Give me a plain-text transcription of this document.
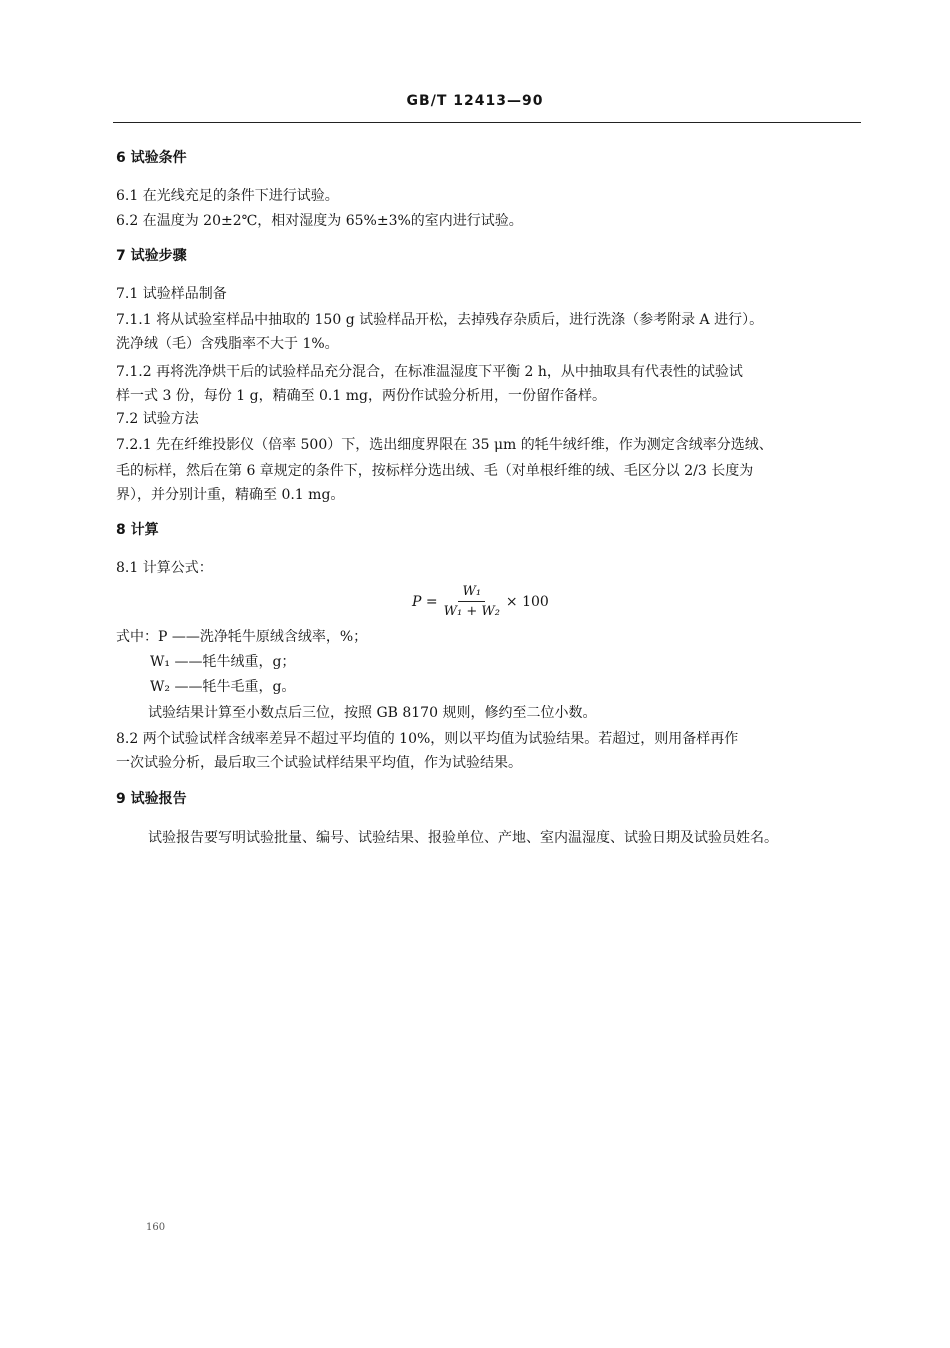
GB/T 12413—90
6 试验条件
6.1 在光线充足的条件下进行试验。
6.2 在温度为 20±2℃，相对湿度为 65%±3%的室内进行试验。
7 试验步骤
7.1 试验样品制备
7.1.1 将从试验室样品中抽取的 150 g 试验样品开松，去掉残存杂质后，进行洗涤（参考附录 A 进行）。
洗净绒（毛）含残脂率不大于 1%。
7.1.2 再将洗净烘干后的试验样品充分混合，在标准温湿度下平衡 2 h，从中抽取具有代表性的试验试
样一式 3 份，每份 1 g，精确至 0.1 mg，两份作试验分析用，一份留作备样。
7.2 试验方法
7.2.1 先在纤维投影仪（倍率 500）下，选出细度界限在 35 μm 的牦牛绒纤维，作为测定含绒率分选绒、
毛的标样，然后在第 6 章规定的条件下，按标样分选出绒、毛（对单根纤维的绒、毛区分以 2/3 长度为
界），并分别计重，精确至 0.1 mg。
8 计算
8.1 计算公式：
$P = \frac{\text{W₁}}{\text{W₁ + W₂}} \times 100$
式中：P ——洗净牦牛原绒含绒率，%；
W₁ ——牦牛绒重，g；
W₂ ——牦牛毛重，g。
试验结果计算至小数点后三位，按照 GB 8170 规则，修约至二位小数。
8.2 两个试验试样含绒率差异不超过平均值的 10%，则以平均值为试验结果。若超过，则用备样再作
一次试验分析，最后取三个试验试样结果平均值，作为试验结果。
9 试验报告
试验报告要写明试验批量、编号、试验结果、报验单位、产地、室内温湿度、试验日期及试验员姓名。
160
